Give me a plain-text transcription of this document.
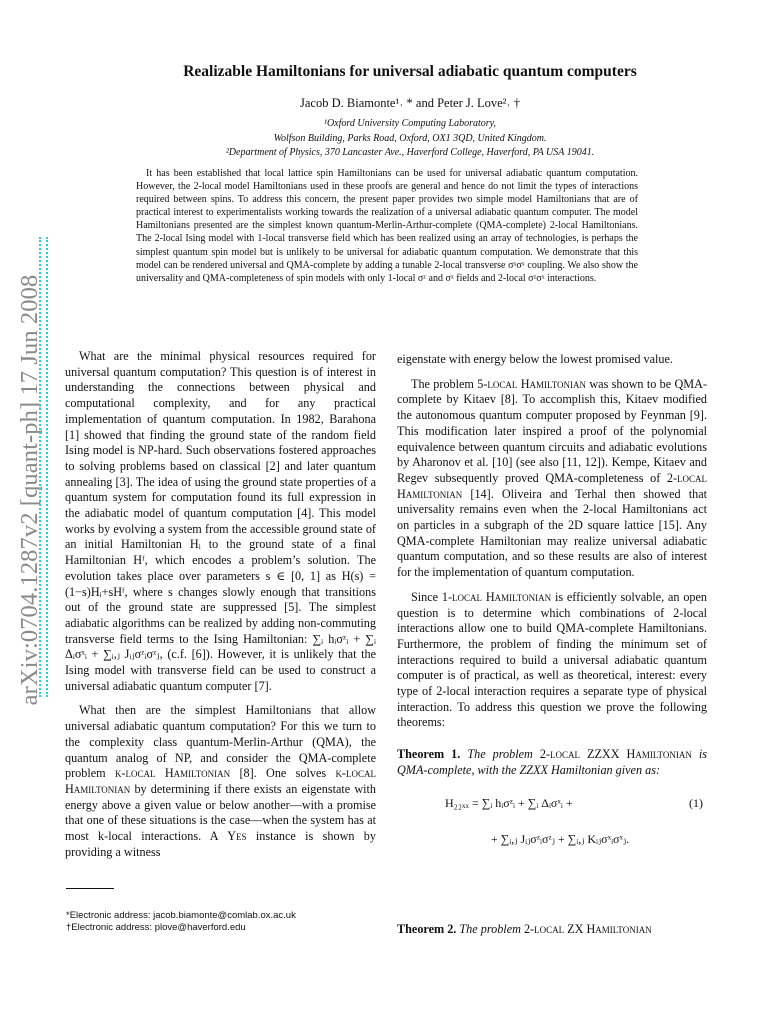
arXiv:0704.1287v2 [quant-ph] 17 Jun 2008
Realizable Hamiltonians for universal adiabatic quantum computers
Jacob D. Biamonte¹˒ * and Peter J. Love²˒ †
¹Oxford University Computing Laboratory,
Wolfson Building, Parks Road, Oxford, OX1 3QD, United Kingdom.
²Department of Physics, 370 Lancaster Ave., Haverford College, Haverford, PA USA 19041.

It has been established that local lattice spin Hamiltonians can be used for universal adiabatic quantum computation. However, the 2-local model Hamiltonians used in these proofs are general and hence do not limit the types of interactions required between spins. To address this concern, the present paper provides two simple model Hamiltonians that are of practical interest to experimentalists working towards the realization of a universal adiabatic quantum computer. The model Hamiltonians presented are the simplest known quantum-Merlin-Arthur-complete (QMA-complete) 2-local Hamiltonians. The 2-local Ising model with 1-local transverse field which has been realized using an array of technologies, is perhaps the simplest quantum spin model but is unlikely to be universal for adiabatic quantum computation. We demonstrate that this model can be rendered universal and QMA-complete by adding a tunable 2-local transverse σˣσˣ coupling. We also show the universality and QMA-completeness of spin models with only 1-local σᶻ and σˣ fields and 2-local σᶻσˣ interactions.

What are the minimal physical resources required for universal quantum computation? This question is of interest in understanding the connections between physical and computational complexity, and for any practical implementation of quantum computation. In 1982, Barahona [1] showed that finding the ground state of the random field Ising model is NP-hard. Such observations fostered approaches to solving problems based on classical [2] and later quantum annealing [3]. The idea of using the ground state properties of a quantum system for computation found its full expression in the adiabatic model of quantum computation [4]. This model works by evolving a system from the accessible ground state of an initial Hamiltonian Hᵢ to the ground state of a final Hamiltonian Hᶠ, which encodes a problem’s solution. The evolution takes place over parameters s ∈ [0, 1] as H(s) = (1−s)Hᵢ+sHᶠ, where s changes slowly enough that transitions out of the ground state are suppressed [5]. The simplest adiabatic algorithms can be realized by adding non-commuting transverse field terms to the Ising Hamiltonian: ∑ᵢ hᵢσᶻᵢ + ∑ᵢ Δᵢσˣᵢ + ∑ᵢ,ⱼ Jᵢⱼσᶻᵢσᶻⱼ, (c.f. [6]). However, it is unlikely that the Ising model with transverse field can be used to construct a universal adiabatic quantum computer [7].

What then are the simplest Hamiltonians that allow universal adiabatic quantum computation? For this we turn to the complexity class quantum-Merlin-Arthur (QMA), the quantum analog of NP, and consider the QMA-complete problem k-local Hamiltonian [8]. One solves k-local Hamiltonian by determining if there exists an eigenstate with energy above a given value or below another—with a promise that one of these situations is the case—when the system has at most k-local interactions. A Yes instance is shown by providing a witness

eigenstate with energy below the lowest promised value.

The problem 5-local Hamiltonian was shown to be QMA-complete by Kitaev [8]. To accomplish this, Kitaev modified the autonomous quantum computer proposed by Feynman [9]. This modification later inspired a proof of the polynomial equivalence between quantum circuits and adiabatic evolutions by Aharonov et al. [10] (see also [11, 12]). Kempe, Kitaev and Regev subsequently proved QMA-completeness of 2-local Hamiltonian [14]. Oliveira and Terhal then showed that universality remains even when the 2-local Hamiltonians act on particles in a subgraph of the 2D square lattice [15]. Any QMA-complete Hamiltonian may realize universal adiabatic quantum computation, and so these results are also of interest for the implementation of quantum computation.

Since 1-local Hamiltonian is efficiently solvable, an open question is to determine which combinations of 2-local interactions allow one to build QMA-complete Hamiltonians. Furthermore, the problem of finding the minimum set of interactions required to build a universal adiabatic quantum computer is of practical, as well as theoretical, interest: every type of 2-local interaction requires a separate type of physical interaction. To address this question we prove the following theorems:

Theorem 1. The problem 2-local ZZXX Hamiltonian is QMA-complete, with the ZZXX Hamiltonian given as:
H₂₂ₓₓ = ∑ᵢ hᵢσᶻᵢ + ∑ᵢ Δᵢσˣᵢ +	(1)
+ ∑ᵢ,ⱼ Jᵢⱼσᶻᵢσᶻⱼ + ∑ᵢ,ⱼ Kᵢⱼσˣᵢσˣⱼ.
Theorem 2. The problem 2-local ZX Hamiltonian
*Electronic address: jacob.biamonte@comlab.ox.ac.uk
†Electronic address: plove@haverford.edu
